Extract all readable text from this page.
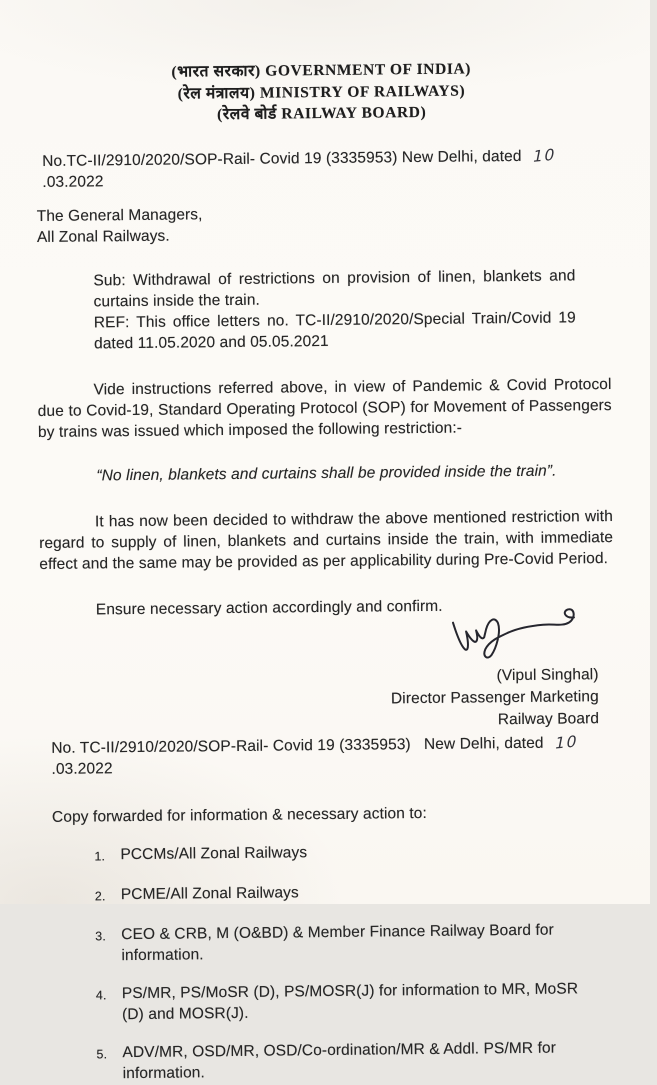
(भारत सरकार) GOVERNMENT OF INDIA)
(रेल मंत्रालय) MINISTRY OF RAILWAYS)
(रेलवे बोर्ड RAILWAY BOARD)
No.TC-II/2910/2020/SOP-Rail- Covid 19 (3335953) New Delhi, dated 10.03.2022
The General Managers,
All Zonal Railways.

Sub: Withdrawal of restrictions on provision of linen, blankets and curtains inside the train.

REF: This office letters no. TC-II/2910/2020/Special Train/Covid 19 dated 11.05.2020 and 05.05.2021

Vide instructions referred above, in view of Pandemic & Covid Protocol due to Covid-19, Standard Operating Protocol (SOP) for Movement of Passengers by trains was issued which imposed the following restriction:-

“No linen, blankets and curtains shall be provided inside the train”.

It has now been decided to withdraw the above mentioned restriction with regard to supply of linen, blankets and curtains inside the train, with immediate effect and the same may be provided as per applicability during Pre-Covid Period.

Ensure necessary action accordingly and confirm.

(Vipul Singhal)
Director Passenger Marketing
Railway Board
No. TC-II/2910/2020/SOP-Rail- Covid 19 (3335953)   New Delhi, dated 10.03.2022
Copy forwarded for information & necessary action to:
1. PCCMs/All Zonal Railways
2. PCME/All Zonal Railways
3. CEO & CRB, M (O&BD) & Member Finance Railway Board for information.
4. PS/MR, PS/MoSR (D), PS/MOSR(J) for information to MR, MoSR (D) and MOSR(J).
5. ADV/MR, OSD/MR, OSD/Co-ordination/MR & Addl. PS/MR for information.
